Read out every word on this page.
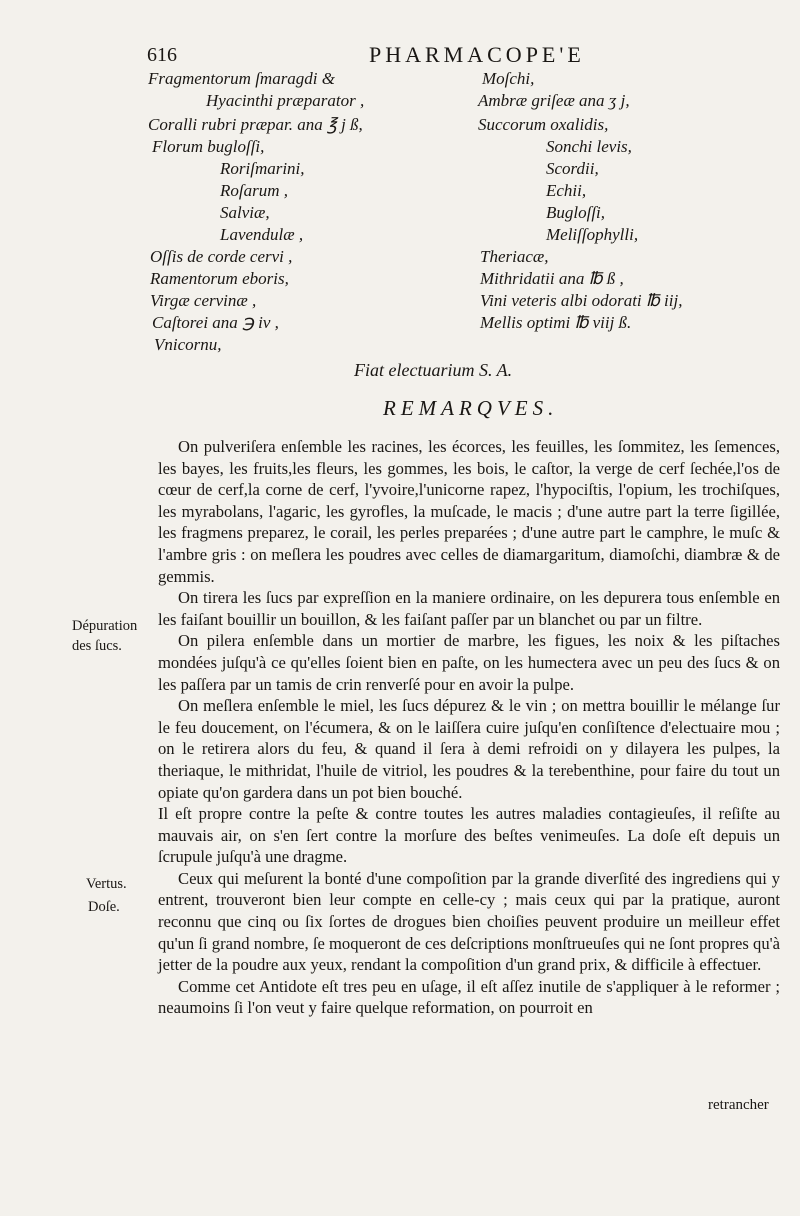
616	PHARMACOPE'E
Fragmentorum ſmaragdi &
Hyacinthi præparator ,
Coralli rubri præpar. ana ℥ j ß,
Florum bugloſſi,
Roriſmarini,
Roſarum ,
Salviæ,
Lavendulæ ,
Oſſis de corde cervi ,
Ramentorum eboris,
Virgæ cervinæ ,
Caſtorei ana ℈ iv ,
Vnicornu,
Moſchi,
Ambræ griſeæ ana ʒ j,
Succorum oxalidis,
Sonchi levis,
Scordii,
Echii,
Bugloſſi,
Meliſſophylli,
Theriacæ,
Mithridatii ana ℔ ß ,
Vini veteris albi odorati ℔ iij,
Mellis optimi ℔ viij ß.
Fiat electuarium S. A.
REMARQVES.

On pulveriſera enſemble les racines, les écorces, les feuilles, les ſommitez, les ſemences, les bayes, les fruits,les fleurs, les gommes, les bois, le caſtor, la verge de cerf ſechée,l'os de cœur de cerf,la corne de cerf, l'yvoire,l'unicorne rapez, l'hypociſtis, l'opium, les trochiſques, les myrabolans, l'agaric, les gyrofles, la muſcade, le macis ; d'une autre part la terre ſigillée, les fragmens preparez, le corail, les perles preparées ; d'une autre part le camphre, le muſc & l'ambre gris : on meſlera les poudres avec celles de diamargaritum, diamoſchi, diambræ & de gemmis.

On tirera les ſucs par expreſſion en la maniere ordinaire, on les depurera tous enſemble en les faiſant bouillir un bouillon, & les faiſant paſſer par un blanchet ou par un filtre.

On pilera enſemble dans un mortier de marbre, les figues, les noix & les piſtaches mondées juſqu'à ce qu'elles ſoient bien en paſte, on les humectera avec un peu des ſucs & on les paſſera par un tamis de crin renverſé pour en avoir la pulpe.

On meſlera enſemble le miel, les ſucs dépurez & le vin ; on mettra bouillir le mélange ſur le feu doucement, on l'écumera, & on le laiſſera cuire juſqu'en conſiſtence d'electuaire mou ; on le retirera alors du feu, & quand il ſera à demi refroidi on y dilayera les pulpes, la theriaque, le mithridat, l'huile de vitriol, les poudres & la terebenthine, pour faire du tout un opiate qu'on gardera dans un pot bien bouché.

Il eſt propre contre la peſte & contre toutes les autres maladies contagieuſes, il reſiſte au mauvais air, on s'en ſert contre la morſure des beſtes venimeuſes. La doſe eſt depuis un ſcrupule juſqu'à une dragme.

Ceux qui meſurent la bonté d'une compoſition par la grande diverſité des ingrediens qui y entrent, trouveront bien leur compte en celle-cy ; mais ceux qui par la pratique, auront reconnu que cinq ou ſix ſortes de drogues bien choiſies peuvent produire un meilleur effet qu'un ſi grand nombre, ſe moqueront de ces deſcriptions monſtrueuſes qui ne ſont propres qu'à jetter de la poudre aux yeux, rendant la compoſition d'un grand prix, & difficile à effectuer.

Comme cet Antidote eſt tres peu en uſage, il eſt aſſez inutile de s'appliquer à le reformer ; neaumoins ſi l'on veut y faire quelque reformation, on pourroit en

Dépuration
des ſucs.
Vertus.
Doſe.
retrancher
